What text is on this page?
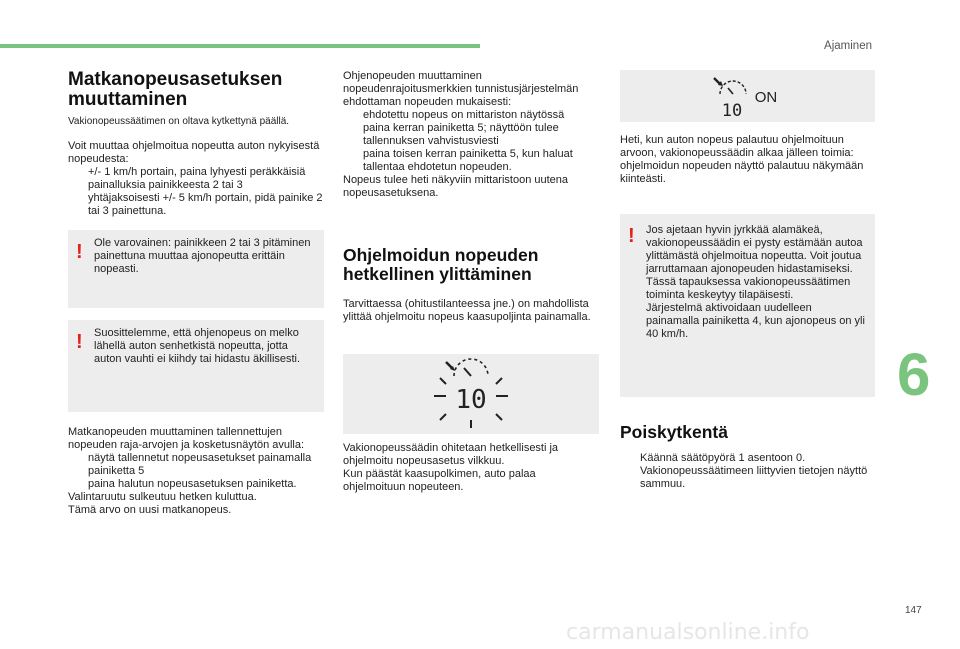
Ajaminen
6
147
Matkanopeusasetuksen muuttaminen

Vakionopeussäätimen on oltava kytkettynä päällä.

Voit muuttaa ohjelmoitua nopeutta auton nykyisestä nopeudesta:

+/- 1 km/h portain, paina lyhyesti peräkkäisiä painalluksia painikkeesta 2 tai 3
yhtäjaksoisesti +/- 5 km/h portain, pidä painike 2 tai 3 painettuna.
! Ole varovainen: painikkeen 2 tai 3 pitäminen painettuna muuttaa ajonopeutta erittäin nopeasti.

! Suosittelemme, että ohjenopeus on melko lähellä auton senhetkistä nopeutta, jotta auton vauhti ei kiihdy tai hidastu äkillisesti.

Matkanopeuden muuttaminen tallennettujen nopeuden raja-arvojen ja kosketusnäytön avulla:

näytä tallennetut nopeusasetukset painamalla painiketta 5
paina halutun nopeusasetuksen painiketta.

Valintaruutu sulkeutuu hetken kuluttua.

Tämä arvo on uusi matkanopeus.

Ohjenopeuden muuttaminen nopeudenrajoitusmerkkien tunnistusjärjestelmän ehdottaman nopeuden mukaisesti:

ehdotettu nopeus on mittariston näytössä
paina kerran painiketta 5; näyttöön tulee tallennuksen vahvistusviesti
paina toisen kerran painiketta 5, kun haluat tallentaa ehdotetun nopeuden.

Nopeus tulee heti näkyviin mittaristoon uutena nopeusasetuksena.

Ohjelmoidun nopeuden hetkellinen ylittäminen

Tarvittaessa (ohitustilanteessa jne.) on mahdollista ylittää ohjelmoitu nopeus kaasupoljinta painamalla.

10

Vakionopeussäädin ohitetaan hetkellisesti ja ohjelmoitu nopeusasetus vilkkuu.

Kun päästät kaasupolkimen, auto palaa ohjelmoituun nopeuteen.

10
ON

Heti, kun auton nopeus palautuu ohjelmoituun arvoon, vakionopeussäädin alkaa jälleen toimia: ohjelmoidun nopeuden näyttö palautuu näkymään kiinteästi.

! Jos ajetaan hyvin jyrkkää alamäkeä, vakionopeussäädin ei pysty estämään autoa ylittämästä ohjelmoitua nopeutta. Voit joutua jarruttamaan ajonopeuden hidastamiseksi. Tässä tapauksessa vakionopeussäätimen toiminta keskeytyy tilapäisesti.

Järjestelmä aktivoidaan uudelleen painamalla painiketta 4, kun ajonopeus on yli 40 km/h.

Poiskytkentä
Käännä säätöpyörä 1 asentoon 0. Vakionopeussäätimeen liittyvien tietojen näyttö sammuu.
carmanualsonline.info
